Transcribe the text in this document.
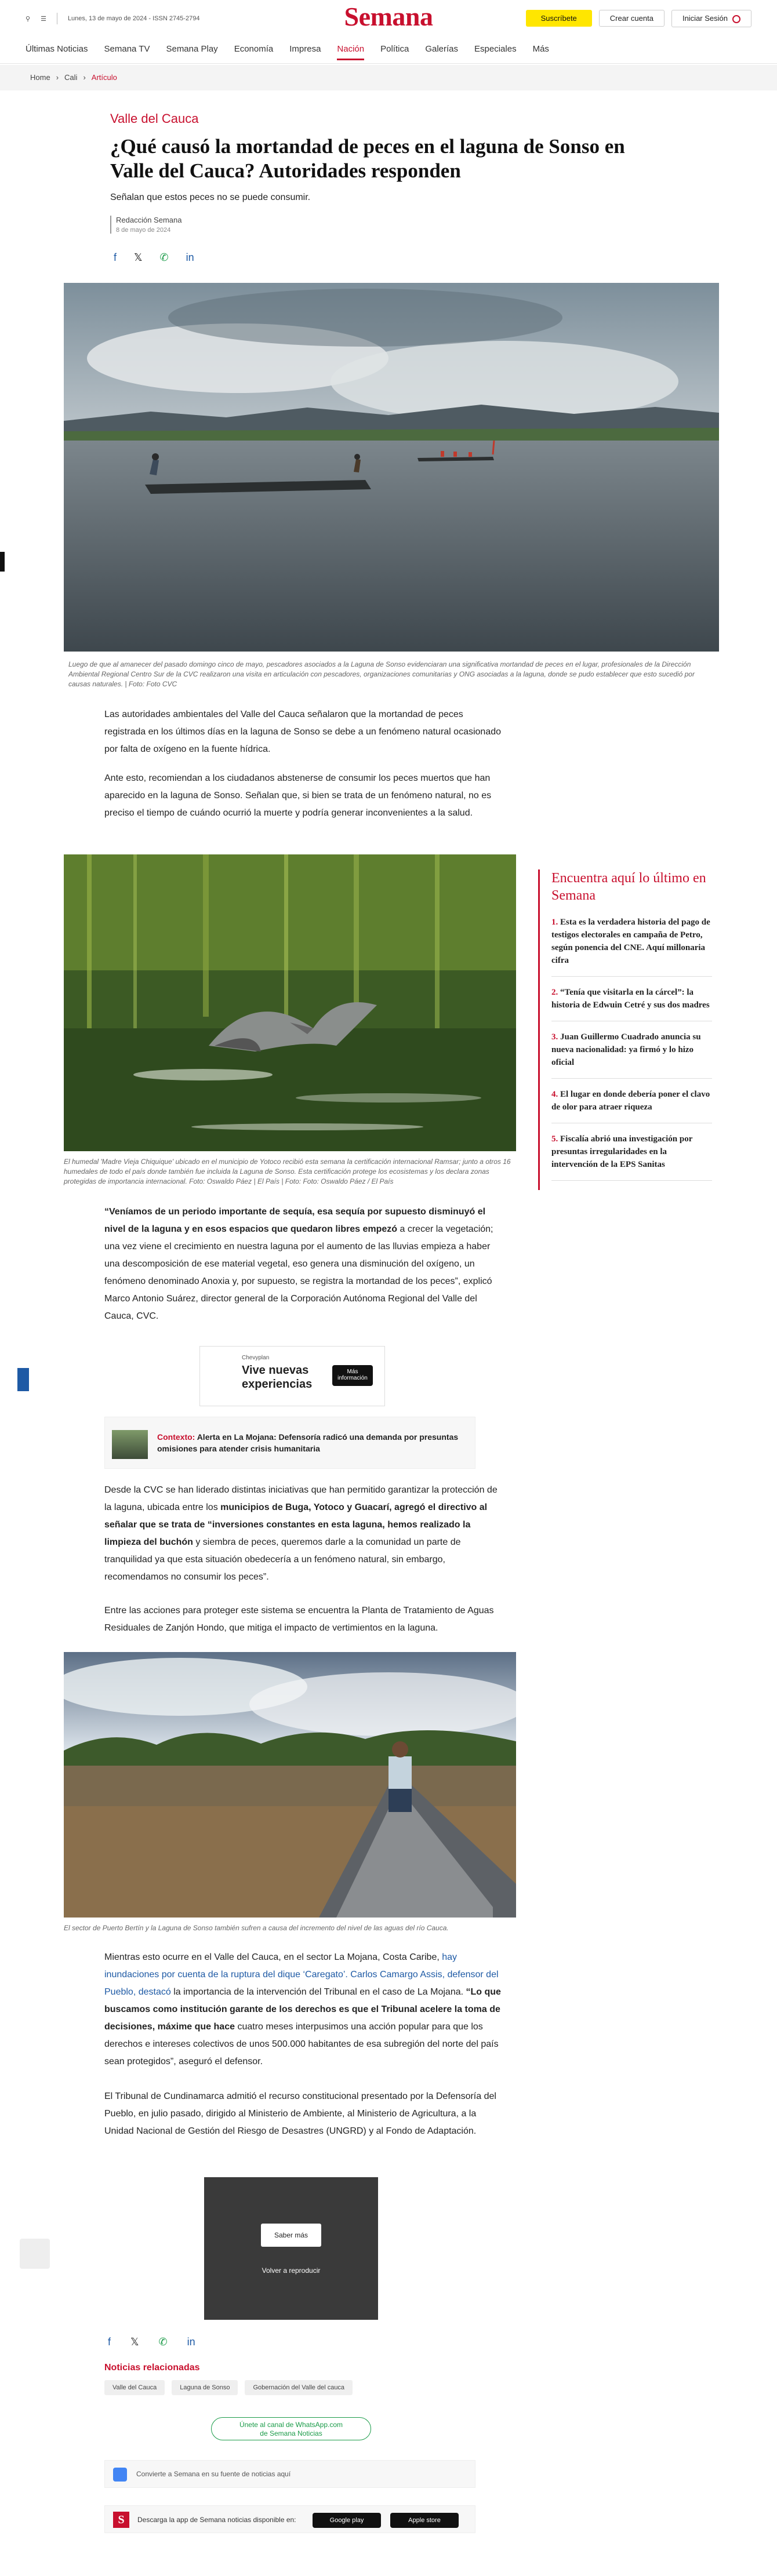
⚲ ☰	Lunes, 13 de mayo de 2024 - ISSN 2745-2794	Semana	Suscríbete	Crear cuenta	Iniciar Sesión
Últimas Noticias Semana TV Semana Play Economía Impresa Nación Política Galerías Especiales Más
Home › Cali › Artículo
Valle del Cauca
¿Qué causó la mortandad de peces en el laguna de Sonso en Valle del Cauca? Autoridades responden
Señalan que estos peces no se puede consumir.
Redacción Semana
8 de mayo de 2024
f 𝕏 ✆ in
Luego de que al amanecer del pasado domingo cinco de mayo, pescadores asociados a la Laguna de Sonso evidenciaran una significativa mortandad de peces en el lugar, profesionales de la Dirección Ambiental Regional Centro Sur de la CVC realizaron una visita en articulación con pescadores, organizaciones comunitarias y ONG asociadas a la laguna, donde se pudo establecer que esto sucedió por causas naturales. | Foto: Foto CVC
Las autoridades ambientales del Valle del Cauca señalaron que la mortandad de peces registrada en los últimos días en la laguna de Sonso se debe a un fenómeno natural ocasionado por falta de oxígeno en la fuente hídrica.
Ante esto, recomiendan a los ciudadanos abstenerse de consumir los peces muertos que han aparecido en la laguna de Sonso. Señalan que, si bien se trata de un fenómeno natural, no es preciso el tiempo de cuándo ocurrió la muerte y podría generar inconvenientes a la salud.
El humedal 'Madre Vieja Chiquique' ubicado en el municipio de Yotoco recibió esta semana la certificación internacional Ramsar; junto a otros 16 humedales de todo el país donde también fue incluida la Laguna de Sonso. Esta certificación protege los ecosistemas y los declara zonas protegidas de importancia internacional. Foto: Oswaldo Páez | El País | Foto: Foto: Oswaldo Páez / El País
Encuentra aquí lo último en Semana
1. Esta es la verdadera historia del pago de testigos electorales en campaña de Petro, según ponencia del CNE. Aquí millonaria cifra
2. “Tenía que visitarla en la cárcel”: la historia de Edwuin Cetré y sus dos madres
3. Juan Guillermo Cuadrado anuncia su nueva nacionalidad: ya firmó y lo hizo oficial
4. El lugar en donde debería poner el clavo de olor para atraer riqueza
5. Fiscalía abrió una investigación por presuntas irregularidades en la intervención de la EPS Sanitas
“Veníamos de un periodo importante de sequía, esa sequía por supuesto disminuyó el nivel de la laguna y en esos espacios que quedaron libres empezó a crecer la vegetación; una vez viene el crecimiento en nuestra laguna por el aumento de las lluvias empieza a haber una descomposición de ese material vegetal, eso genera una disminución del oxígeno, un fenómeno denominado Anoxia y, por supuesto, se registra la mortandad de los peces”, explicó Marco Antonio Suárez, director general de la Corporación Autónoma Regional del Valle del Cauca, CVC.
Chevyplan
Vive nuevas
experiencias
Más información
Contexto: Alerta en La Mojana: Defensoría radicó una demanda por presuntas omisiones para atender crisis humanitaria
Desde la CVC se han liderado distintas iniciativas que han permitido garantizar la protección de la laguna, ubicada entre los municipios de Buga, Yotoco y Guacarí, agregó el directivo al señalar que se trata de “inversiones constantes en esta laguna, hemos realizado la limpieza del buchón y siembra de peces, queremos darle a la comunidad un parte de tranquilidad ya que esta situación obedecería a un fenómeno natural, sin embargo, recomendamos no consumir los peces”.
Entre las acciones para proteger este sistema se encuentra la Planta de Tratamiento de Aguas Residuales de Zanjón Hondo, que mitiga el impacto de vertimientos en la laguna.
El sector de Puerto Bertín y la Laguna de Sonso también sufren a causa del incremento del nivel de las aguas del río Cauca.
Mientras esto ocurre en el Valle del Cauca, en el sector La Mojana, Costa Caribe, hay inundaciones por cuenta de la ruptura del dique ‘Caregato’. Carlos Camargo Assis, defensor del Pueblo, destacó la importancia de la intervención del Tribunal en el caso de La Mojana. “Lo que buscamos como institución garante de los derechos es que el Tribunal acelere la toma de decisiones, máxime que hace cuatro meses interpusimos una acción popular para que los derechos e intereses colectivos de unos 500.000 habitantes de esa subregión del norte del país sean protegidos”, aseguró el defensor.
El Tribunal de Cundinamarca admitió el recurso constitucional presentado por la Defensoría del Pueblo, en julio pasado, dirigido al Ministerio de Ambiente, al Ministerio de Agricultura, a la Unidad Nacional de Gestión del Riesgo de Desastres (UNGRD) y al Fondo de Adaptación.
Saber más
Volver a reproducir
f 𝕏 ✆ in
Noticias relacionadas
Valle del Cauca	Laguna de Sonso	Gobernación del Valle del cauca
Únete al canal de WhatsApp.com
de Semana Noticias
Convierte a Semana en su fuente de noticias aquí
S	Descarga la app de Semana noticias disponible en:	Google play	Apple store
